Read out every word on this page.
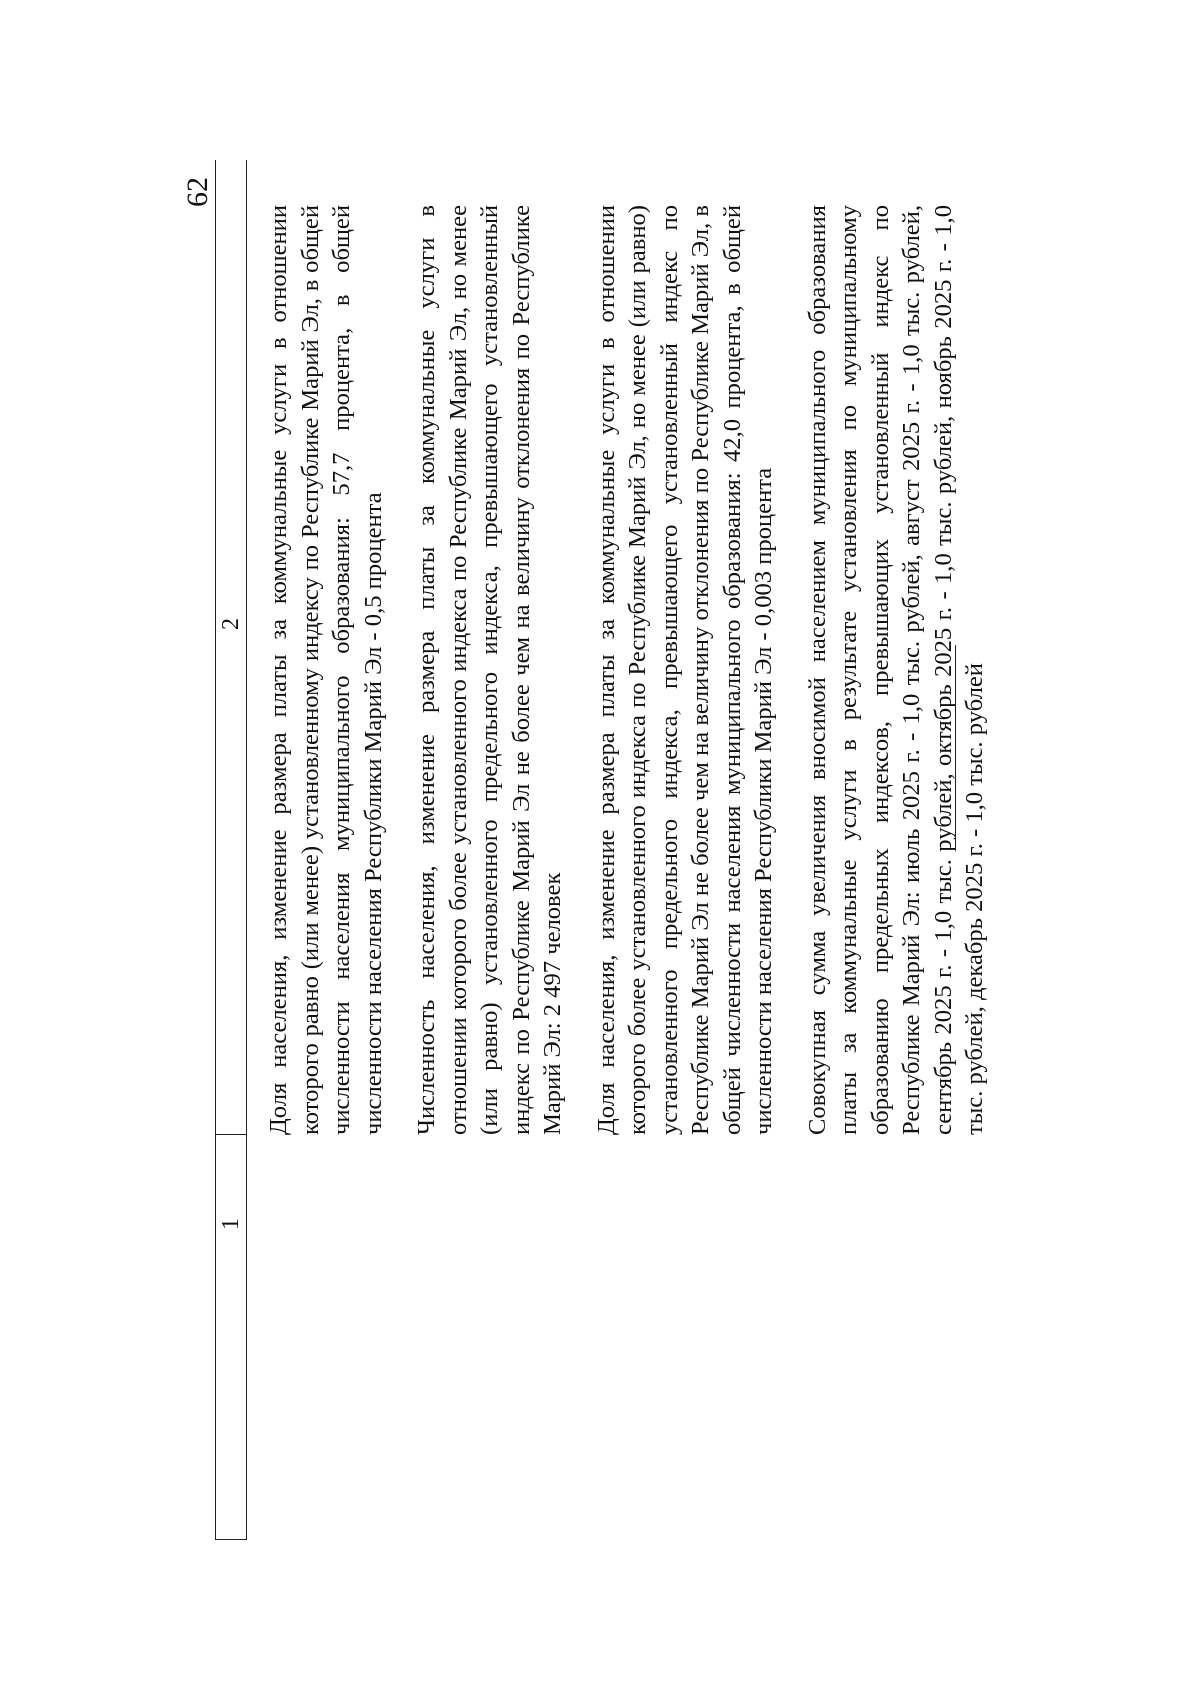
62
1
2 Доля населения, изменение размера платы за коммунальные услуги в отношении которого равно (или менее) установленному индексу по Республике Марий Эл, в общей численности населения муниципального образования: 57,7 процента, в общей численности населения Республики Марий Эл - 0,5 процента Численность населения, изменение размера платы за коммунальные услуги в отношении которого более установленного индекса по Республике Марий Эл, но менее (или равно) установленного предельного индекса, превышающего установленный индекс по Республике Марий Эл не более чем на величину отклонения по Республике Марий Эл: 2 497 человек Доля населения, изменение размера платы за коммунальные услуги в отношении которого более установленного индекса по Республике Марий Эл, но менее (или равно) установленного предельного индекса, превышающего установленный индекс по Республике Марий Эл не более чем на величину отклонения по Республике Марий Эл, в общей численности населения муниципального образования: 42,0 процента, в общей численности населения Республики Марий Эл - 0,003 процента Совокупная сумма увеличения вносимой населением муниципального образования платы за коммунальные услуги в результате установления по муниципальному образованию предельных индексов, превышающих установленный индекс по Республике Марий Эл: июль 2025 г. - 1,0 тыс. рублей, август 2025 г. - 1,0 тыс. рублей, сентябрь 2025 г. - 1,0 тыс. рублей, октябрь 2025 г. - 1,0 тыс. рублей, ноябрь 2025 г. - 1,0 тыс. рублей, декабрь 2025 г. - 1,0 тыс. рублей
